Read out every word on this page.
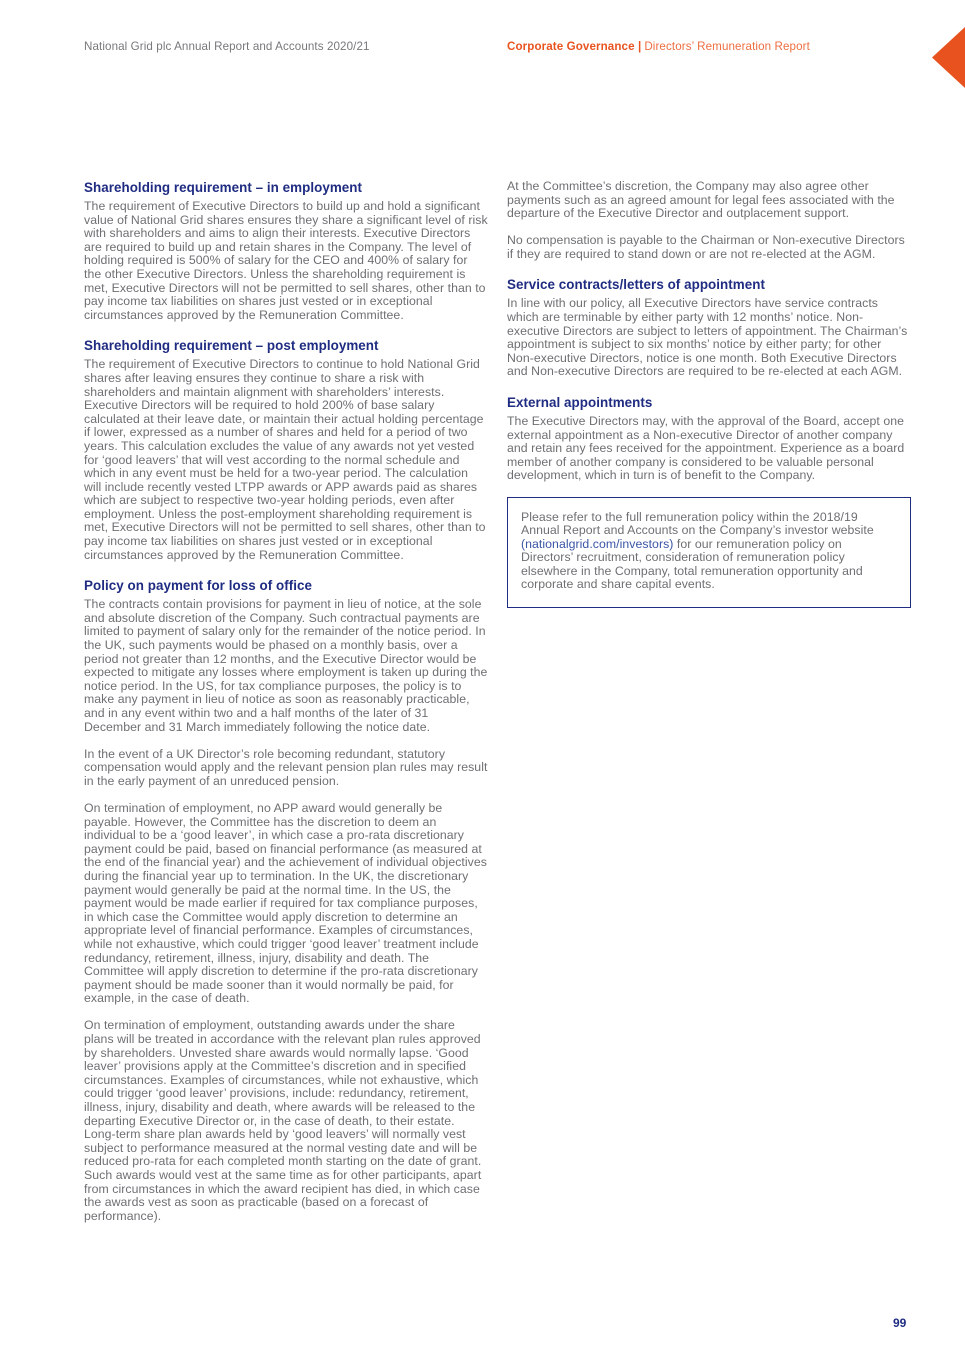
National Grid plc Annual Report and Accounts 2020/21	Corporate Governance | Directors’ Remuneration Report
Shareholding requirement – in employment

The requirement of Executive Directors to build up and hold a significant value of National Grid shares ensures they share a significant level of risk with shareholders and aims to align their interests. Executive Directors are required to build up and retain shares in the Company. The level of holding required is 500% of salary for the CEO and 400% of salary for the other Executive Directors. Unless the shareholding requirement is met, Executive Directors will not be permitted to sell shares, other than to pay income tax liabilities on shares just vested or in exceptional circumstances approved by the Remuneration Committee.

Shareholding requirement – post employment

The requirement of Executive Directors to continue to hold National Grid shares after leaving ensures they continue to share a risk with shareholders and maintain alignment with shareholders’ interests. Executive Directors will be required to hold 200% of base salary calculated at their leave date, or maintain their actual holding percentage if lower, expressed as a number of shares and held for a period of two years. This calculation excludes the value of any awards not yet vested for ‘good leavers’ that will vest according to the normal schedule and which in any event must be held for a two-year period. The calculation will include recently vested LTPP awards or APP awards paid as shares which are subject to respective two-year holding periods, even after employment. Unless the post-employment shareholding requirement is met, Executive Directors will not be permitted to sell shares, other than to pay income tax liabilities on shares just vested or in exceptional circumstances approved by the Remuneration Committee.

Policy on payment for loss of office

The contracts contain provisions for payment in lieu of notice, at the sole and absolute discretion of the Company. Such contractual payments are limited to payment of salary only for the remainder of the notice period. In the UK, such payments would be phased on a monthly basis, over a period not greater than 12 months, and the Executive Director would be expected to mitigate any losses where employment is taken up during the notice period. In the US, for tax compliance purposes, the policy is to make any payment in lieu of notice as soon as reasonably practicable, and in any event within two and a half months of the later of 31 December and 31 March immediately following the notice date.

In the event of a UK Director’s role becoming redundant, statutory compensation would apply and the relevant pension plan rules may result in the early payment of an unreduced pension.

On termination of employment, no APP award would generally be payable. However, the Committee has the discretion to deem an individual to be a ‘good leaver’, in which case a pro-rata discretionary payment could be paid, based on financial performance (as measured at the end of the financial year) and the achievement of individual objectives during the financial year up to termination. In the UK, the discretionary payment would generally be paid at the normal time. In the US, the payment would be made earlier if required for tax compliance purposes, in which case the Committee would apply discretion to determine an appropriate level of financial performance. Examples of circumstances, while not exhaustive, which could trigger ‘good leaver’ treatment include redundancy, retirement, illness, injury, disability and death. The Committee will apply discretion to determine if the pro-rata discretionary payment should be made sooner than it would normally be paid, for example, in the case of death.

On termination of employment, outstanding awards under the share plans will be treated in accordance with the relevant plan rules approved by shareholders. Unvested share awards would normally lapse. ‘Good leaver’ provisions apply at the Committee’s discretion and in specified circumstances. Examples of circumstances, while not exhaustive, which could trigger ‘good leaver’ provisions, include: redundancy, retirement, illness, injury, disability and death, where awards will be released to the departing Executive Director or, in the case of death, to their estate. Long-term share plan awards held by ‘good leavers’ will normally vest subject to performance measured at the normal vesting date and will be reduced pro-rata for each completed month starting on the date of grant. Such awards would vest at the same time as for other participants, apart from circumstances in which the award recipient has died, in which case the awards vest as soon as practicable (based on a forecast of performance).

At the Committee’s discretion, the Company may also agree other payments such as an agreed amount for legal fees associated with the departure of the Executive Director and outplacement support.

No compensation is payable to the Chairman or Non-executive Directors if they are required to stand down or are not re-elected at the AGM.

Service contracts/letters of appointment

In line with our policy, all Executive Directors have service contracts which are terminable by either party with 12 months’ notice. Non-executive Directors are subject to letters of appointment. The Chairman’s appointment is subject to six months’ notice by either party; for other Non-executive Directors, notice is one month. Both Executive Directors and Non-executive Directors are required to be re-elected at each AGM.

External appointments

The Executive Directors may, with the approval of the Board, accept one external appointment as a Non-executive Director of another company and retain any fees received for the appointment. Experience as a board member of another company is considered to be valuable personal development, which in turn is of benefit to the Company.

Please refer to the full remuneration policy within the 2018/19 Annual Report and Accounts on the Company’s investor website (nationalgrid.com/investors) for our remuneration policy on Directors’ recruitment, consideration of remuneration policy elsewhere in the Company, total remuneration opportunity and corporate and share capital events.

99
